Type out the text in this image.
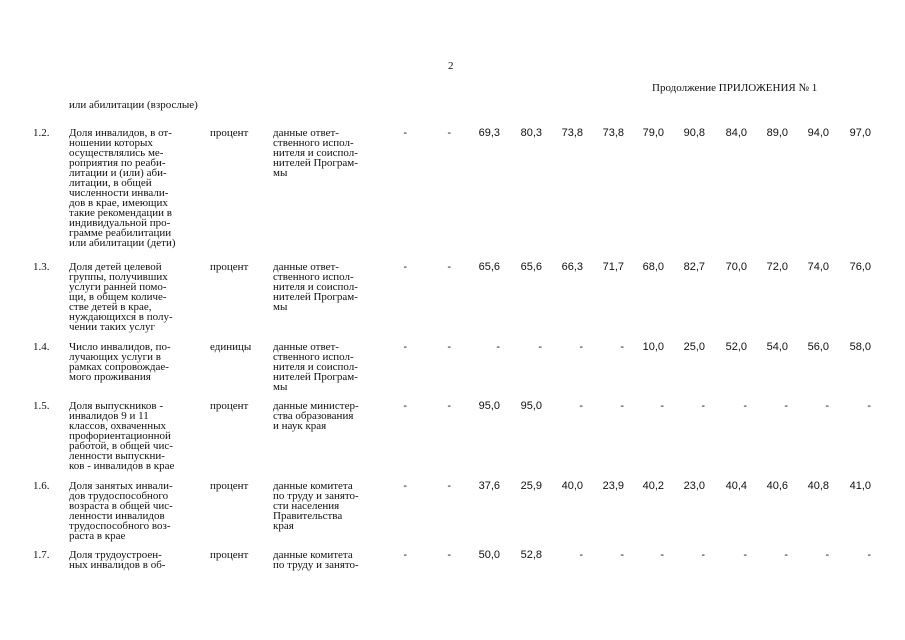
2
Продолжение ПРИЛОЖЕНИЯ № 1
или абилитации (взрослые)
1.2. Доля инвалидов, в от-
ношении которых
осуществлялись ме-
роприятия по реаби-
литации и (или) аби-
литации, в общей
численности инвали-
дов в крае, имеющих
такие рекомендации в
индивидуальной про-
грамме реабилитации
или абилитации (дети)
процент	данные ответ-
ственного испол-
нителя и соиспол-
нителей Програм-
мы
-	-	69,3 80,3 73,8 73,8 79,0 90,8 84,0 89,0 94,0 97,0
1.3. Доля детей целевой
группы, получивших
услуги ранней помо-
щи, в общем количе-
стве детей в крае,
нуждающихся в полу-
чении таких услуг
процент	данные ответ-
ственного испол-
нителя и соиспол-
нителей Програм-
мы
-	-	65,6 65,6 66,3 71,7 68,0 82,7 70,0 72,0 74,0 76,0
1.4. Число инвалидов, по-
лучающих услуги в
рамках сопровождае-
мого проживания
единицы	данные ответ-
ственного испол-
нителя и соиспол-
нителей Програм-
мы
-	-	-	-	-	- 10,0 25,0 52,0 54,0 56,0 58,0
1.5. Доля выпускников -
инвалидов 9 и 11
классов, охваченных
профориентационной
работой, в общей чис-
ленности выпускни-
ков - инвалидов в крае
процент	данные министер-
ства образования
и наук края
-	-	95,0 95,0	-	-	-	-	-	-	-	-
1.6. Доля занятых инвали-
дов трудоспособного
возраста в общей чис-
ленности инвалидов
трудоспособного воз-
раста в крае
процент	данные комитета
по труду и занято-
сти населения
Правительства
края
-	-	37,6 25,9 40,0 23,9 40,2 23,0 40,4 40,6 40,8 41,0
1.7. Доля трудоустроен-
ных инвалидов в об-
процент	данные комитета
по труду и занято-
-	-	50,0 52,8	-	-	-	-	-	-	-	-
